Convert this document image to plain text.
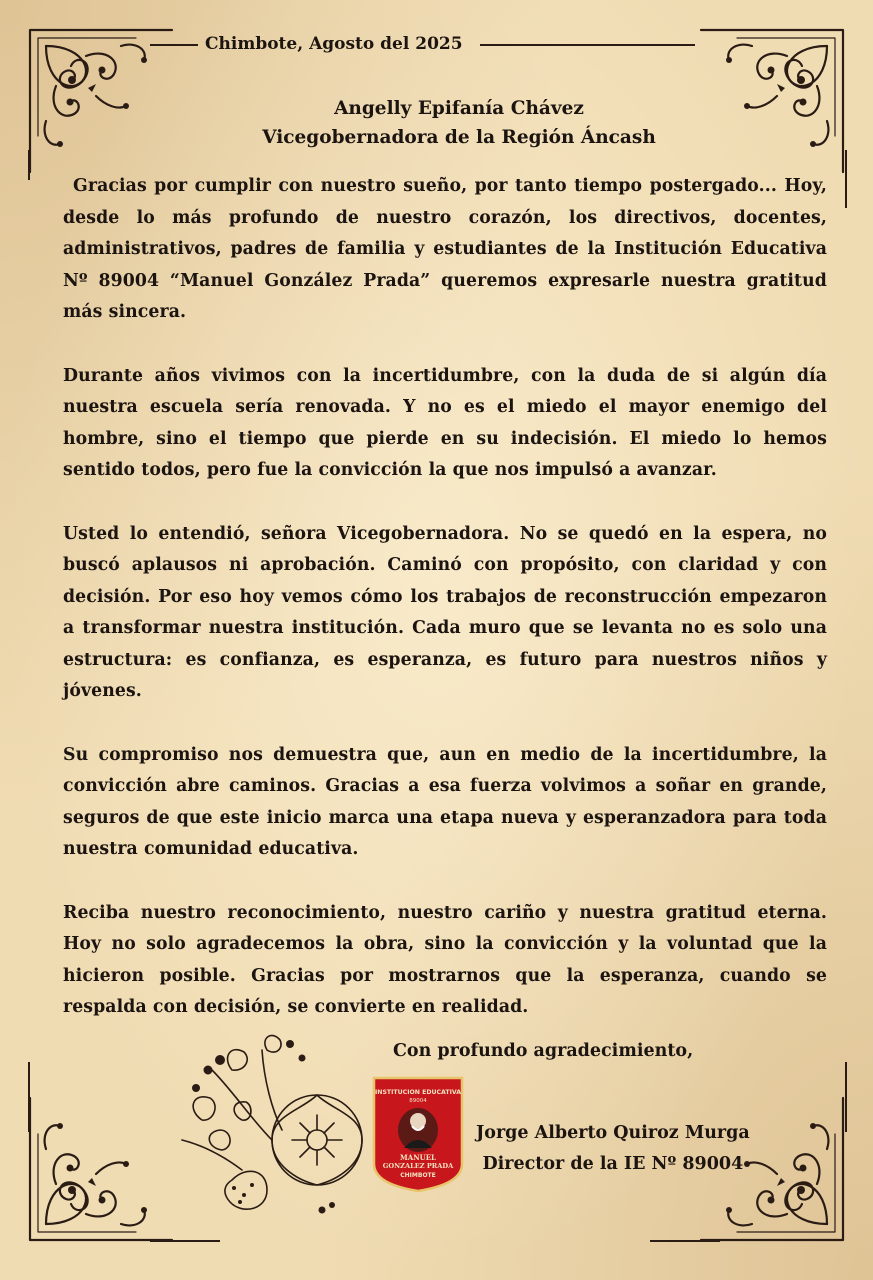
Chimbote, Agosto del 2025
Angelly Epifanía Chávez
Vicegobernadora de la Región Áncash

Gracias por cumplir con nuestro sueño, por tanto tiempo postergado... Hoy, desde lo más profundo de nuestro corazón, los directivos, docentes, administrativos, padres de familia y estudiantes de la Institución Educativa Nº 89004 “Manuel González Prada” queremos expresarle nuestra gratitud más sincera.

Durante años vivimos con la incertidumbre, con la duda de si algún día nuestra escuela sería renovada. Y no es el miedo el mayor enemigo del hombre, sino el tiempo que pierde en su indecisión. El miedo lo hemos sentido todos, pero fue la convicción la que nos impulsó a avanzar.

Usted lo entendió, señora Vicegobernadora. No se quedó en la espera, no buscó aplausos ni aprobación. Caminó con propósito, con claridad y con decisión. Por eso hoy vemos cómo los trabajos de reconstrucción empezaron a transformar nuestra institución. Cada muro que se levanta no es solo una estructura: es confianza, es esperanza, es futuro para nuestros niños y jóvenes.

Su compromiso nos demuestra que, aun en medio de la incertidumbre, la convicción abre caminos. Gracias a esa fuerza volvimos a soñar en grande, seguros de que este inicio marca una etapa nueva y esperanzadora para toda nuestra comunidad educativa.

Reciba nuestro reconocimiento, nuestro cariño y nuestra gratitud eterna. Hoy no solo agradecemos la obra, sino la convicción y la voluntad que la hicieron posible. Gracias por mostrarnos que la esperanza, cuando se respalda con decisión, se convierte en realidad.

Con profundo agradecimiento,
INSTITUCION EDUCATIVA
89004
MANUEL
GONZALEZ PRADA
CHIMBOTE
Jorge Alberto Quiroz Murga
Director de la IE Nº 89004
